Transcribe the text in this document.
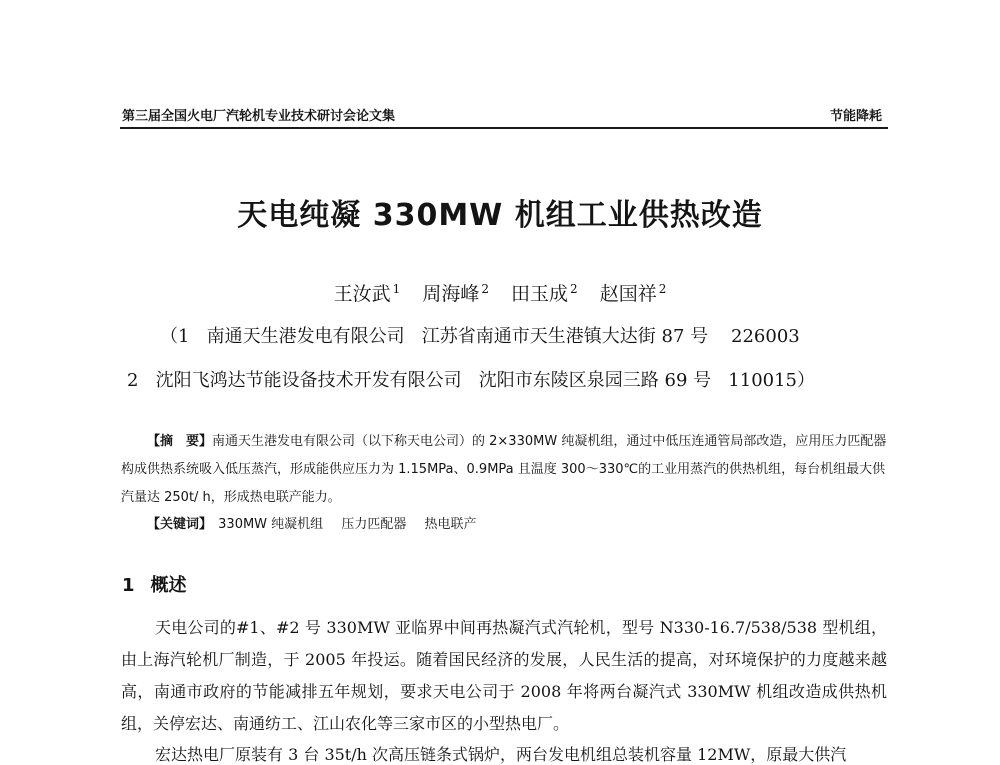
第三届全国火电厂汽轮机专业技术研讨会论文集	节能降耗
天电纯凝 330MW 机组工业供热改造
王汝武 $^1$ 周海峰 $^2$ 田玉成 $^2$ 赵国祥 $^2$
（1   南通天生港发电有限公司   江苏省南通市天生港镇大达街 87 号    226003
2   沈阳飞鸿达节能设备技术开发有限公司   沈阳市东陵区泉园三路 69 号   110015）
【摘　要】南通天生港发电有限公司（以下称天电公司）的 2×330MW 纯凝机组，通过中低压连通管局部改造，应用压力匹配器构成供热系统吸入低压蒸汽，形成能供应压力为 1.15MPa、0.9MPa 且温度 300～330℃的工业用蒸汽的供热机组，每台机组最大供汽量达 250t/ h，形成热电联产能力。
【关键词】 330MW 纯凝机组 压力匹配器 热电联产
1 概述

天电公司的#1、#2 号 330MW 亚临界中间再热凝汽式汽轮机，型号 N330-16.7/538/538 型机组，由上海汽轮机厂制造，于 2005 年投运。随着国民经济的发展，人民生活的提高，对环境保护的力度越来越高，南通市政府的节能减排五年规划，要求天电公司于 2008 年将两台凝汽式 330MW 机组改造成供热机组，关停宏达、南通纺工、江山农化等三家市区的小型热电厂。

宏达热电厂原装有 3 台 35t/h 次高压链条式锅炉，两台发电机组总装机容量 12MW，原最大供汽
